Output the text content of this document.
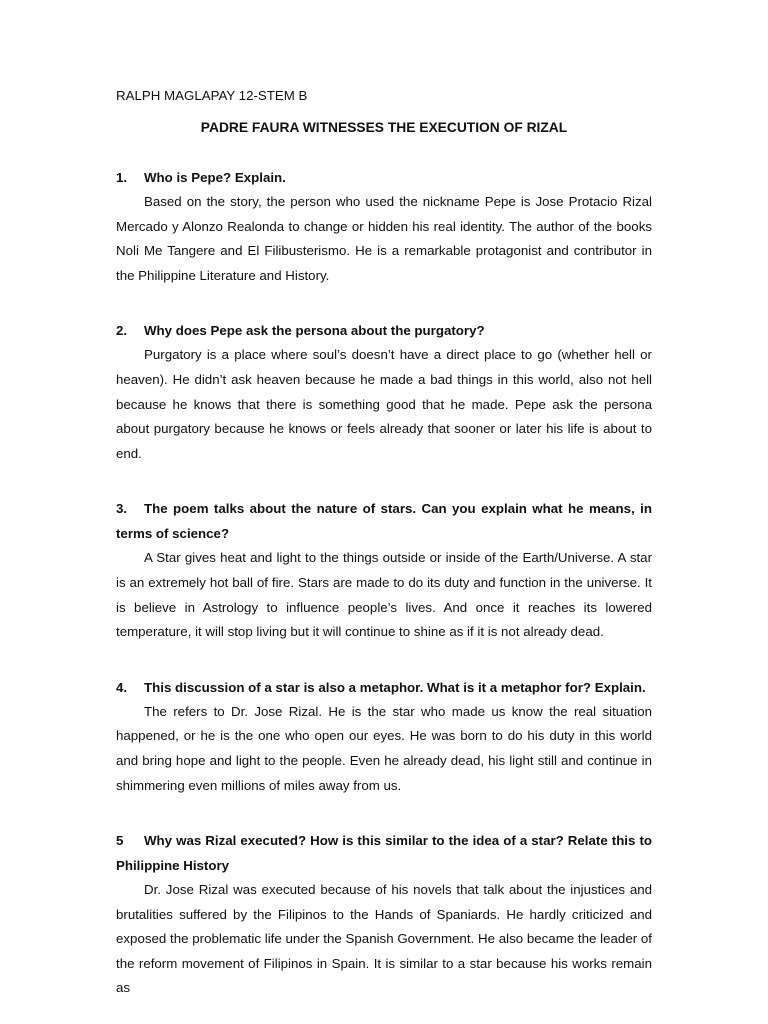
RALPH MAGLAPAY 12-STEM B

PADRE FAURA WITNESSES THE EXECUTION OF RIZAL

1. Who is Pepe? Explain.

Based on the story, the person who used the nickname Pepe is Jose Protacio Rizal Mercado y Alonzo Realonda to change or hidden his real identity. The author of the books Noli Me Tangere and El Filibusterismo. He is a remarkable protagonist and contributor in the Philippine Literature and History.

2. Why does Pepe ask the persona about the purgatory?

Purgatory is a place where soul’s doesn’t have a direct place to go (whether hell or heaven). He didn’t ask heaven because he made a bad things in this world, also not hell because he knows that there is something good that he made. Pepe ask the persona about purgatory because he knows or feels already that sooner or later his life is about to end.

3. The poem talks about the nature of stars. Can you explain what he means, in terms of science?

A Star gives heat and light to the things outside or inside of the Earth/Universe. A star is an extremely hot ball of fire. Stars are made to do its duty and function in the universe. It is believe in Astrology to influence people’s lives. And once it reaches its lowered temperature, it will stop living but it will continue to shine as if it is not already dead.

4. This discussion of a star is also a metaphor. What is it a metaphor for? Explain.

The refers to Dr. Jose Rizal. He is the star who made us know the real situation happened, or he is the one who open our eyes. He was born to do his duty in this world and bring hope and light to the people. Even he already dead, his light still and continue in shimmering even millions of miles away from us.

5 Why was Rizal executed? How is this similar to the idea of a star? Relate this to Philippine History

Dr. Jose Rizal was executed because of his novels that talk about the injustices and brutalities suffered by the Filipinos to the Hands of Spaniards. He hardly criticized and exposed the problematic life under the Spanish Government. He also became the leader of the reform movement of Filipinos in Spain. It is similar to a star because his works remain as
